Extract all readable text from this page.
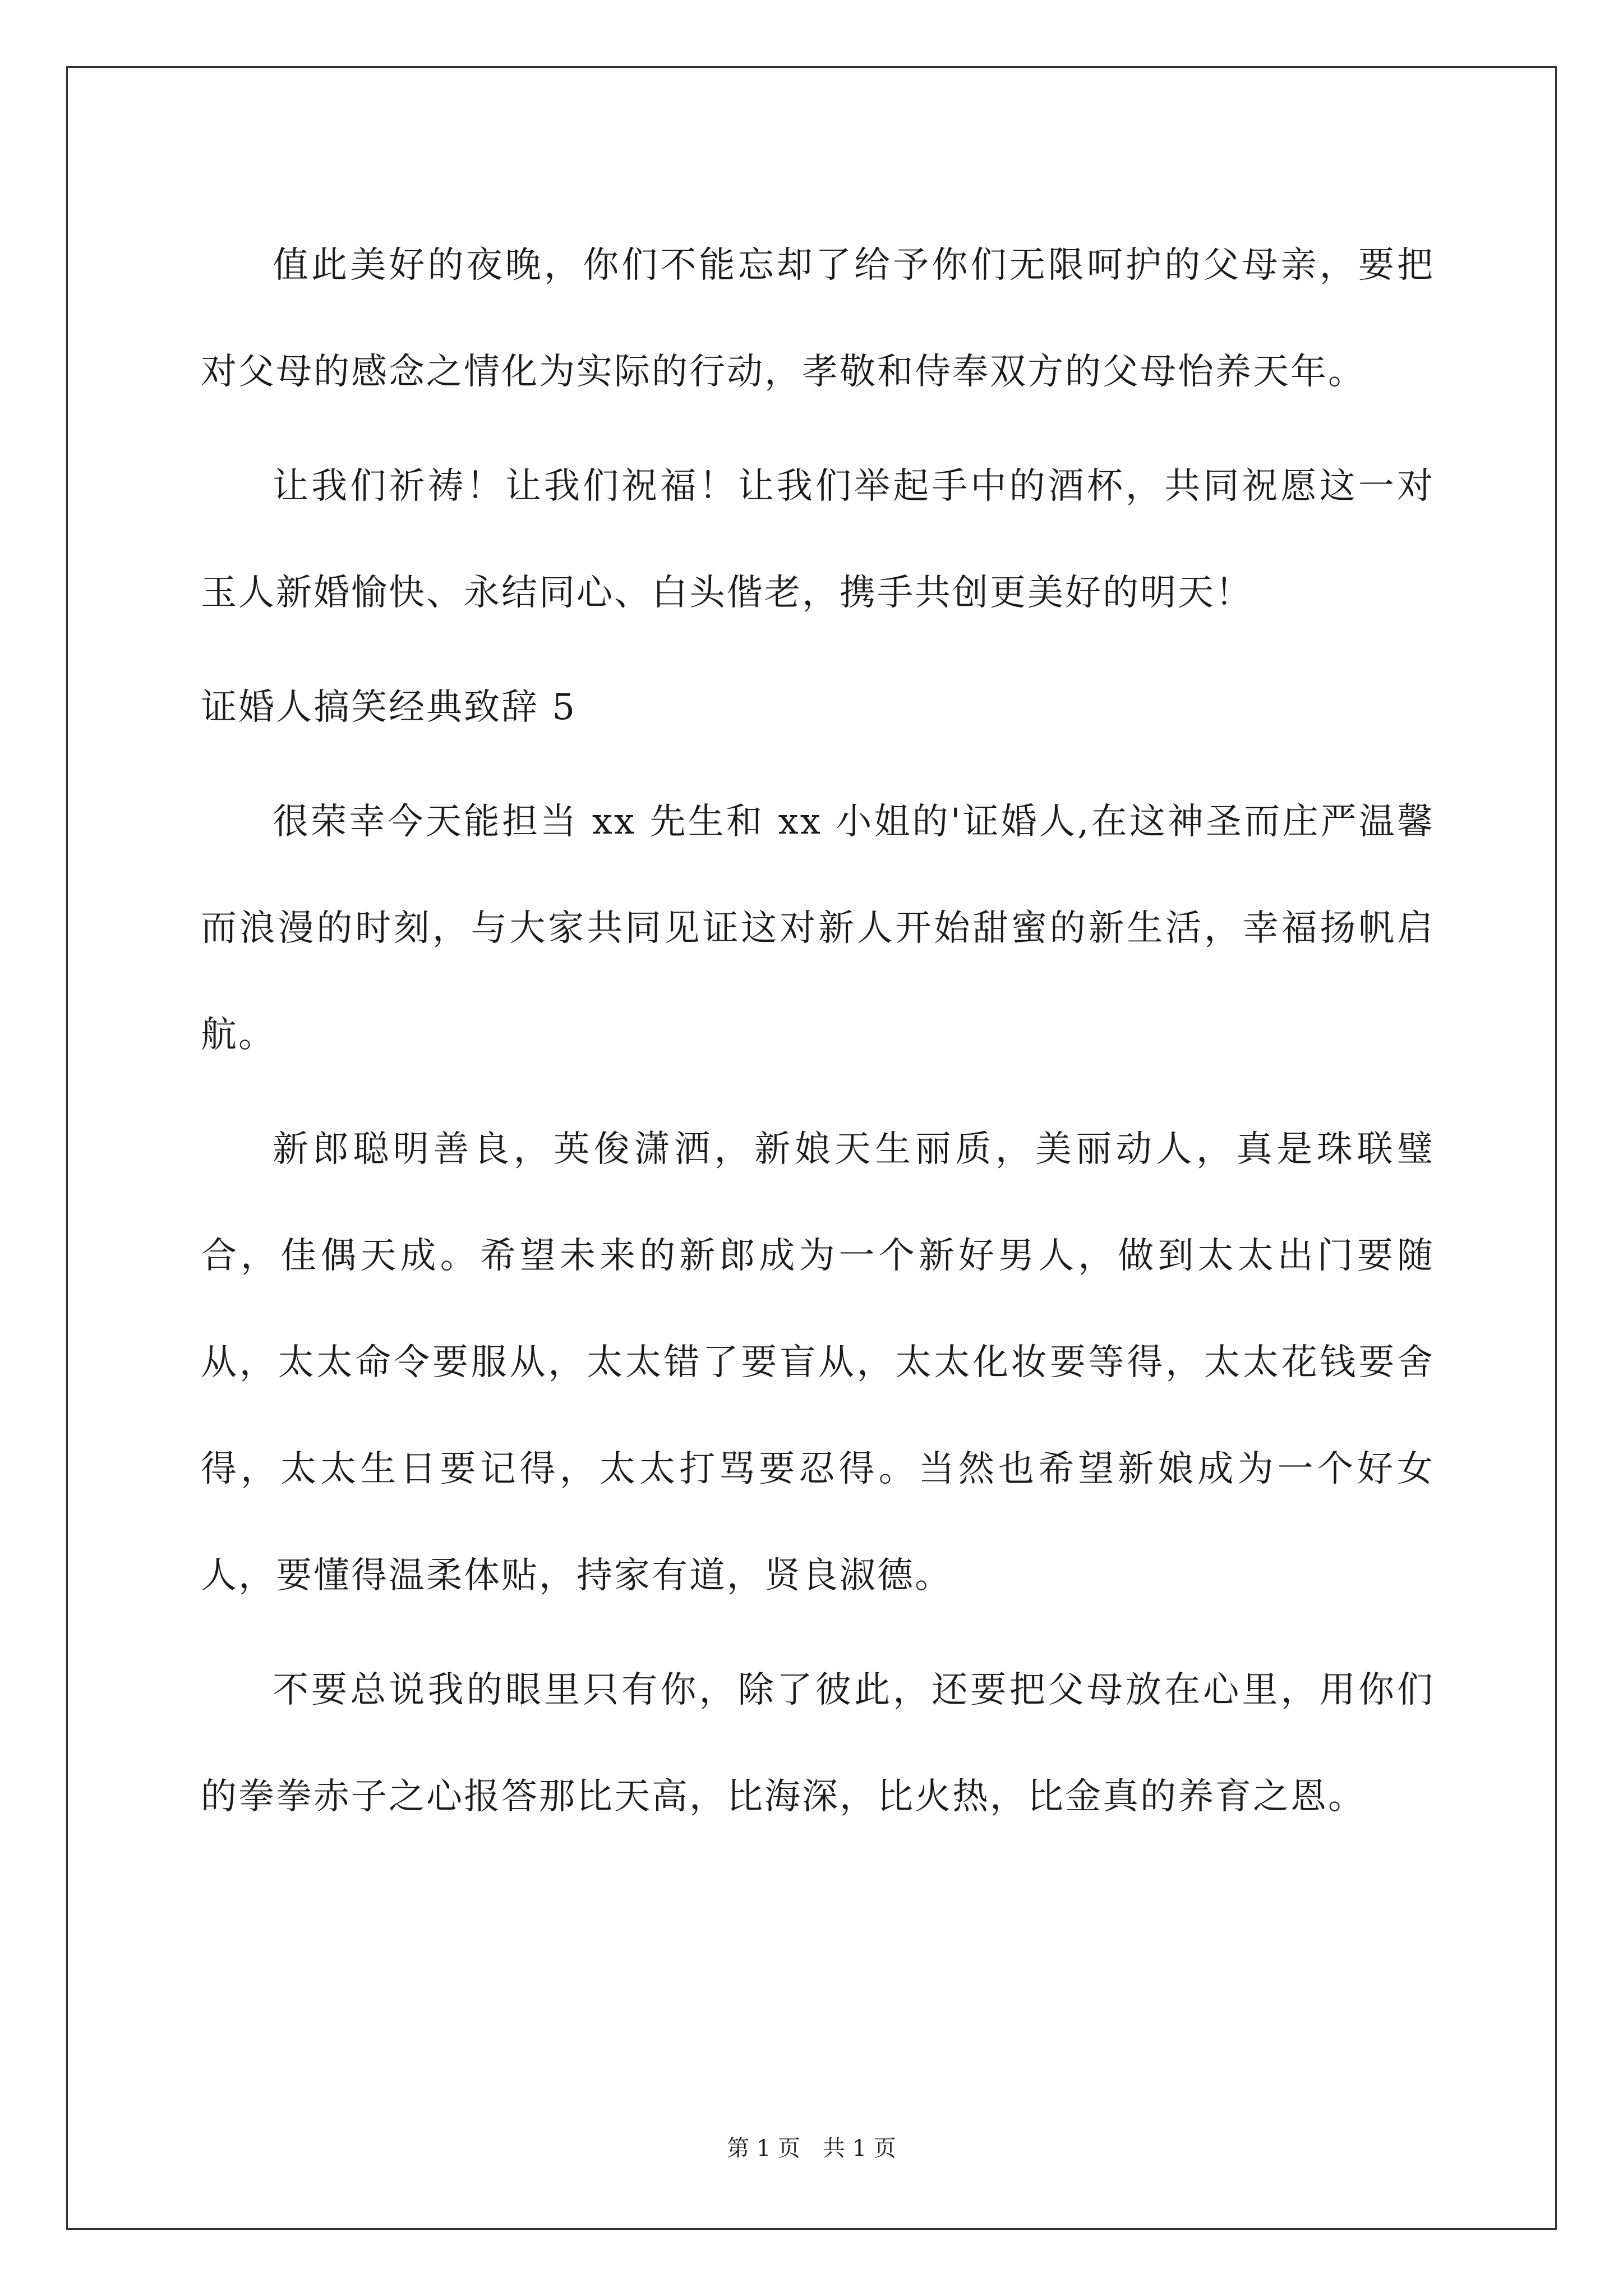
值此美好的夜晚，你们不能忘却了给予你们无限呵护的父母亲，要把对父母的感念之情化为实际的行动，孝敬和侍奉双方的父母怡养天年。

让我们祈祷！让我们祝福！让我们举起手中的酒杯，共同祝愿这一对玉人新婚愉快、永结同心、白头偕老，携手共创更美好的明天！

证婚人搞笑经典致辞 5

很荣幸今天能担当 xx 先生和 xx 小姐的'证婚人,在这神圣而庄严温馨而浪漫的时刻，与大家共同见证这对新人开始甜蜜的新生活，幸福扬帆启航。

新郎聪明善良，英俊潇洒，新娘天生丽质，美丽动人，真是珠联璧合，佳偶天成。希望未来的新郎成为一个新好男人，做到太太出门要随从，太太命令要服从，太太错了要盲从，太太化妆要等得，太太花钱要舍得，太太生日要记得，太太打骂要忍得。当然也希望新娘成为一个好女人，要懂得温柔体贴，持家有道，贤良淑德。

不要总说我的眼里只有你，除了彼此，还要把父母放在心里，用你们的拳拳赤子之心报答那比天高，比海深，比火热，比金真的养育之恩。

第 1 页 共 1 页
